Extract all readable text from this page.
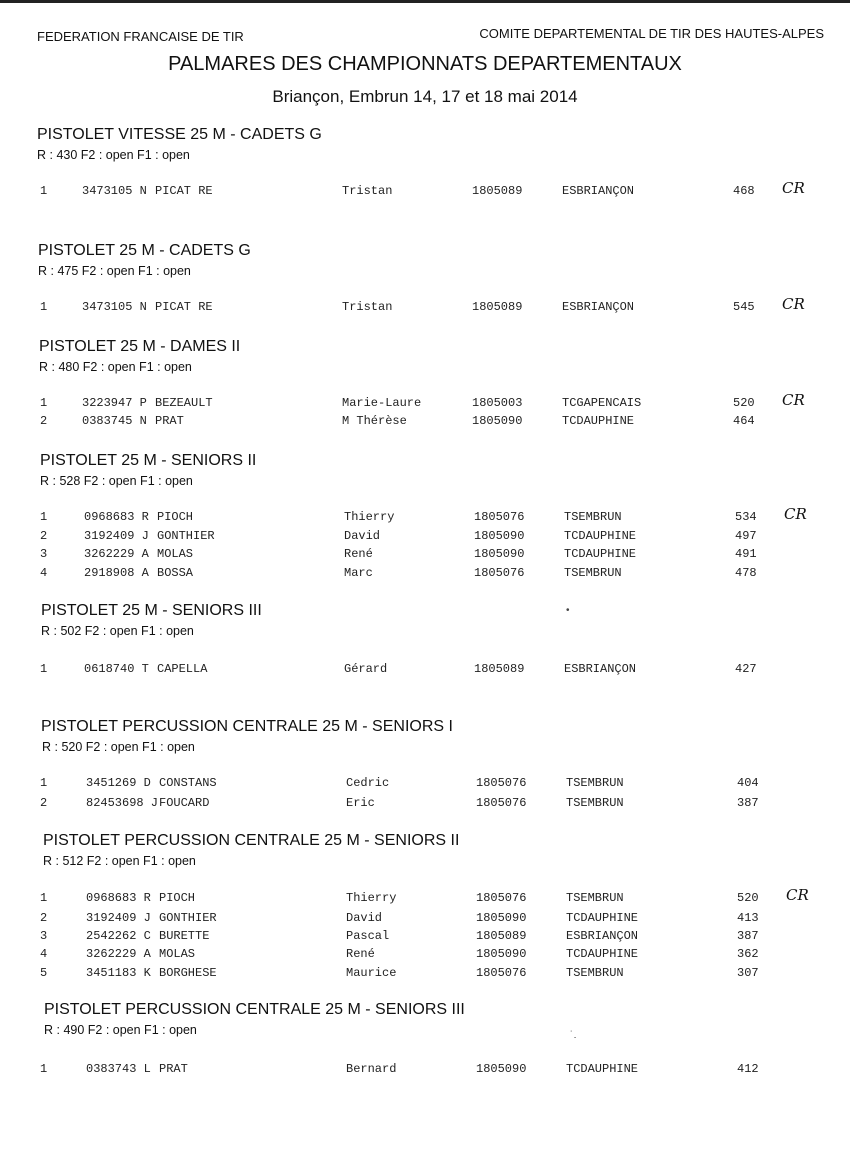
FEDERATION FRANCAISE DE TIR	COMITE DEPARTEMENTAL DE TIR DES HAUTES-ALPES
PALMARES DES CHAMPIONNATS DEPARTEMENTAUX
Briançon, Embrun 14, 17 et 18 mai 2014
PISTOLET VITESSE 25 M - CADETS G
R : 430 F2 : open F1 : open
1	3473105 N PICAT RE	Tristan	1805089	ESBRIANÇON	468 CR
PISTOLET 25 M - CADETS G
R : 475 F2 : open F1 : open
1	3473105 N PICAT RE	Tristan	1805089	ESBRIANÇON	545 CR
PISTOLET 25 M - DAMES II
R : 480 F2 : open F1 : open
1	3223947 P BEZEAULT	Marie-Laure	1805003	TCGAPENCAIS	520 CR
2	0383745 N PRAT	M Thérèse	1805090	TCDAUPHINE	464
PISTOLET 25 M - SENIORS II
R : 528 F2 : open F1 : open
1	0968683 R PIOCH	Thierry	1805076	TSEMBRUN	534 CR
2	3192409 J GONTHIER	David	1805090	TCDAUPHINE	497
3	3262229 A MOLAS	René	1805090	TCDAUPHINE	491
4	2918908 A BOSSA	Marc	1805076	TSEMBRUN	478
PISTOLET 25 M - SENIORS III
R : 502 F2 : open F1 : open
1	0618740 T CAPELLA	Gérard	1805089	ESBRIANÇON	427
PISTOLET PERCUSSION CENTRALE 25 M - SENIORS I
R : 520 F2 : open F1 : open
1	3451269 D CONSTANS	Cedric	1805076	TSEMBRUN	404
2	82453698 J FOUCARD	Eric	1805076	TSEMBRUN	387
PISTOLET PERCUSSION CENTRALE 25 M - SENIORS II
R : 512 F2 : open F1 : open
1	0968683 R PIOCH	Thierry	1805076	TSEMBRUN	520 CR
2	3192409 J GONTHIER	David	1805090	TCDAUPHINE	413
3	2542262 C BURETTE	Pascal	1805089	ESBRIANÇON	387
4	3262229 A MOLAS	René	1805090	TCDAUPHINE	362
5	3451183 K BORGHESE	Maurice	1805076	TSEMBRUN	307
PISTOLET PERCUSSION CENTRALE 25 M - SENIORS III
R : 490 F2 : open F1 : open
1	0383743 L PRAT	Bernard	1805090	TCDAUPHINE	412
•
˙․
